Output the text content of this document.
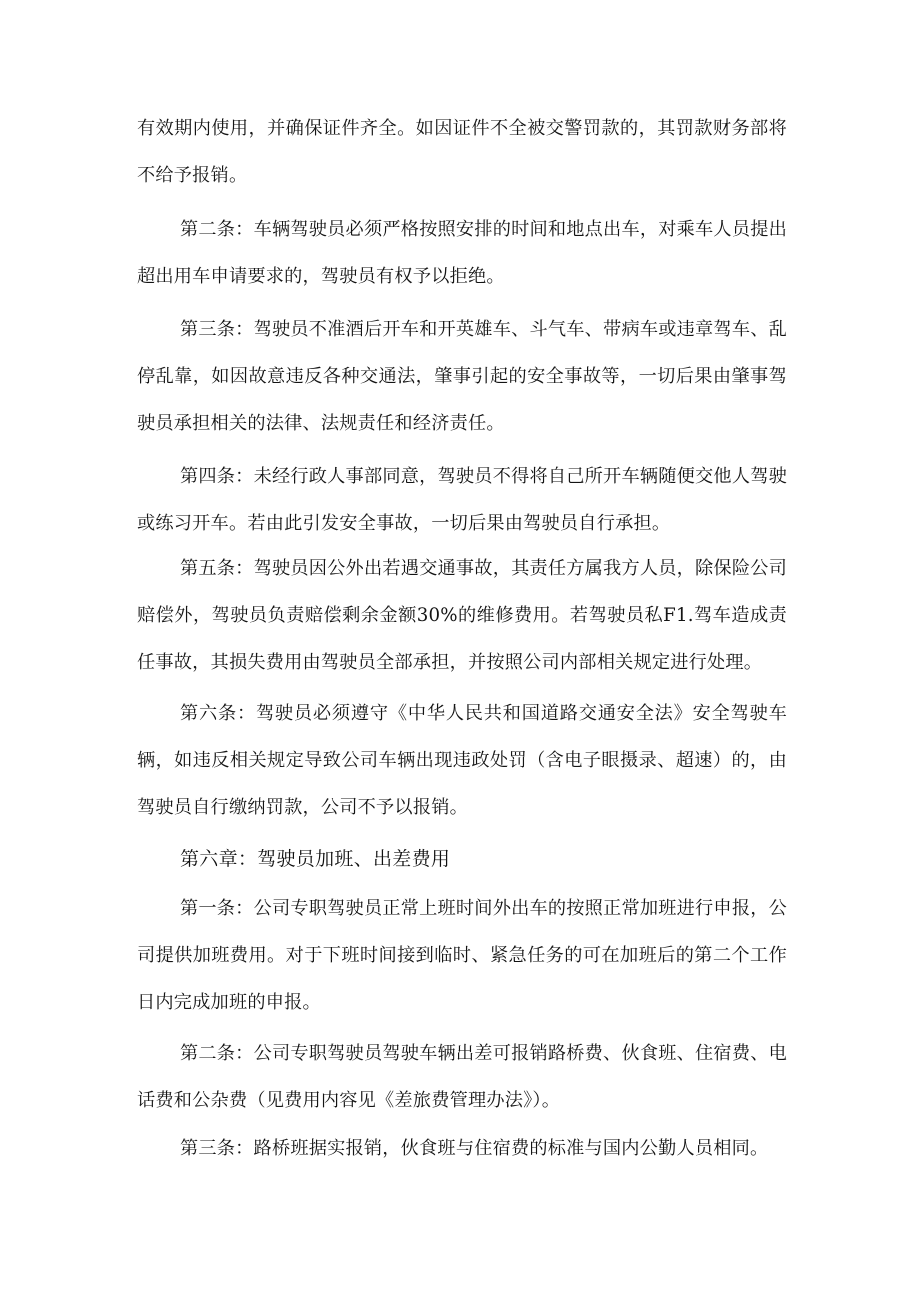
有效期内使用，并确保证件齐全。如因证件不全被交警罚款的，其罚款财务部将不给予报销。

第二条：车辆驾驶员必须严格按照安排的时间和地点出车，对乘车人员提出超出用车申请要求的，驾驶员有权予以拒绝。

第三条：驾驶员不准酒后开车和开英雄车、斗气车、带病车或违章驾车、乱停乱靠，如因故意违反各种交通法，肇事引起的安全事故等，一切后果由肇事驾驶员承担相关的法律、法规责任和经济责任。

第四条：未经行政人事部同意，驾驶员不得将自己所开车辆随便交他人驾驶或练习开车。若由此引发安全事故，一切后果由驾驶员自行承担。

第五条：驾驶员因公外出若遇交通事故，其责任方属我方人员，除保险公司赔偿外，驾驶员负责赔偿剩余金额30%的维修费用。若驾驶员私F1.驾车造成责任事故，其损失费用由驾驶员全部承担，并按照公司内部相关规定进行处理。

第六条：驾驶员必须遵守《中华人民共和国道路交通安全法》安全驾驶车辆，如违反相关规定导致公司车辆出现违政处罚（含电子眼摄录、超速）的，由驾驶员自行缴纳罚款，公司不予以报销。

第六章：驾驶员加班、出差费用

第一条：公司专职驾驶员正常上班时间外出车的按照正常加班进行申报，公司提供加班费用。对于下班时间接到临时、紧急任务的可在加班后的第二个工作日内完成加班的申报。

第二条：公司专职驾驶员驾驶车辆出差可报销路桥费、伙食班、住宿费、电话费和公杂费（见费用内容见《差旅费管理办法》）。

第三条：路桥班据实报销，伙食班与住宿费的标准与国内公勤人员相同。
